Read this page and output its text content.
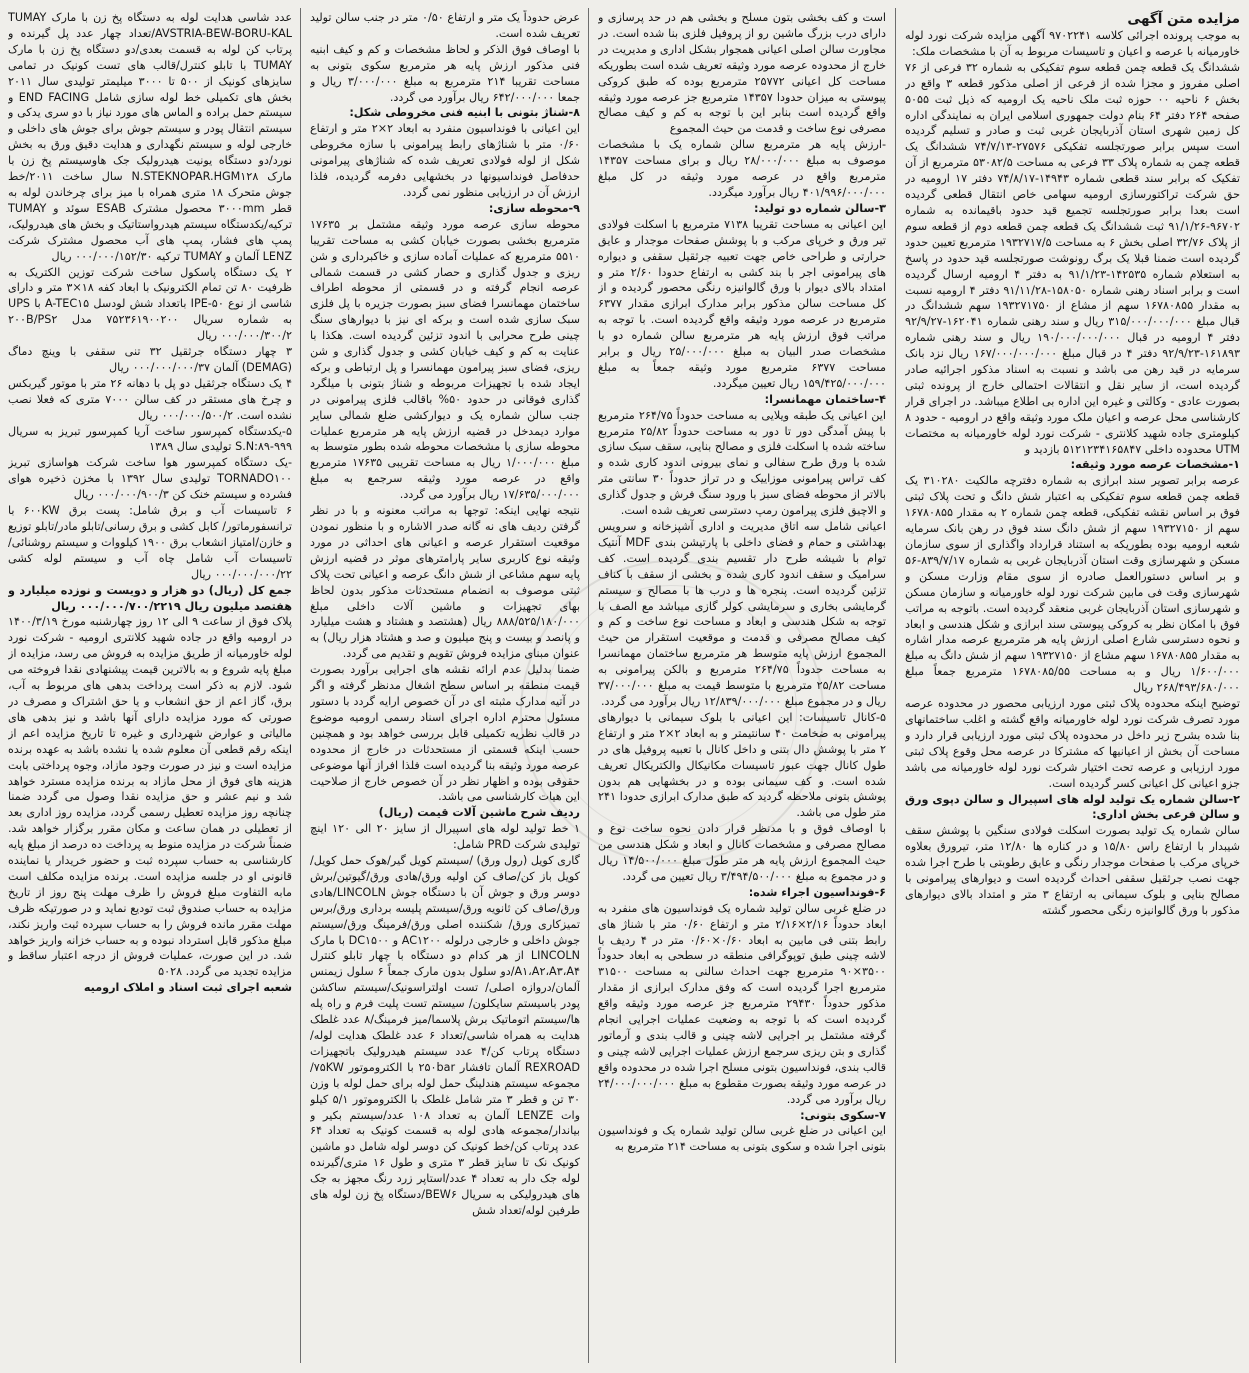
مزایده متن آگهی

به موجب پرونده اجرائی کلاسه ۹۷۰۲۲۴۱ آگهی مزایده شرکت نورد لوله خاورمیانه با عرصه و اعیان و تاسیسات مربوط به آن با مشخصات ملک:

ششدانگ یک قطعه چمن قطعه سوم تفکیکی به شماره ۳۲ فرعی از ۷۶ اصلی مفروز و مجزا شده از فرعی از اصلی مذکور قطعه ۳ واقع در بخش ۶ ناحیه ۰۰ حوزه ثبت ملک ناحیه یک ارومیه که ذیل ثبت ۵۰۵۵ صفحه ۲۶۴ دفتر ۶۴ بنام دولت جمهوری اسلامی ایران به نمایندگی اداره کل زمین شهری استان آذربایجان غربی ثبت و صادر و تسلیم گردیده است سپس برابر صورتجلسه تفکیکی ۲۷۵۷۶-۷۴/۷/۱۳ ششدانگ یک قطعه چمن به شماره پلاک ۳۳ فرعی به مساحت ۵۳۰۸۲/۵ مترمربع از آن تفکیک که برابر سند قطعی شماره ۱۴۹۴۳-۷۴/۸/۱۷ دفتر ۱۷ ارومیه در حق شرکت تراکتورسازی ارومیه سهامی خاص انتقال قطعی گردیده است بعدا برابر صورتجلسه تجمیع قید حدود باقیمانده به شماره ۹۶۷۰۲-۹۱/۱/۲۶ ثبت ششدانگ یک قطعه چمن قطعه دوم از قطعه سوم از پلاک ۳۲/۷۶ اصلی بخش ۶ به مساحت ۱۹۳۲۷۱۷/۵ مترمربع تعیین حدود گردیده است ضمنا قبلا یک برگ رونوشت صورتجلسه قید حدود در پاسخ به استعلام شماره ۱۴۲۵۳۵-۹۱/۱/۲۳ به دفتر ۴ ارومیه ارسال گردیده است و برابر اسناد رهنی شماره ۱۵۸۰۵۰-۹۱/۱۱/۲۸ دفتر ۴ ارومیه نسبت به مقدار ۱۶۷۸۰۸۵۵ سهم از مشاع از ۱۹۳۲۷۱۷۵۰ سهم ششدانگ در قبال مبلغ ۳۱۵/۰۰۰/۰۰۰/۰۰۰ ریال و سند رهنی شماره ۱۶۲۰۴۱-۹۲/۹/۲۷ دفتر ۴ ارومیه در قبال ۱۹۰/۰۰۰/۰۰۰/۰۰۰ ریال و سند رهنی شماره ۱۶۱۸۹۳-۹۲/۹/۲۳ دفتر ۴ در قبال مبلغ ۱۶۷/۰۰۰/۰۰۰/۰۰۰ ریال نزد بانک سرمایه در قید رهن می باشد و نسبت به اسناد مذکور اجرائیه صادر گردیده است، از سایر نقل و انتقالات احتمالی خارج از پرونده ثبتی بصورت عادی - وکالتی و غیره این اداره بی اطلاع میباشد. در اجرای قرار کارشناسی محل عرصه و اعیان ملک مورد وثیقه واقع در ارومیه - حدود ۸ کیلومتری جاده شهید کلانتری - شرکت نورد لوله خاورمیانه به مختصات UTM محدوده داخلی ۵۱۲۱۲۳۴۱۶۵۸۴۷ بازدید و

۱-مشخصات عرصه مورد وثیقه:

عرصه برابر تصویر سند ابرازی به شماره دفترچه مالکیت ۳۱۰۲۸۰ یک قطعه چمن قطعه سوم تفکیکی به اعتبار شش دانگ و تحت پلاک ثبتی فوق بر اساس نقشه تفکیکی، قطعه چمن شماره ۲ به مقدار ۱۶۷۸۰۸۵۵ سهم از ۱۹۳۲۷۱۵۰ سهم از شش دانگ سند فوق در رهن بانک سرمایه شعبه ارومیه بوده بطوریکه به استناد قرارداد واگذاری از سوی سازمان مسکن و شهرسازی وقت استان آذربایجان غربی به شماره ۸۳۹/۷/۱۷-۵۶ و بر اساس دستورالعمل صادره از سوی مقام وزارت مسکن و شهرسازی وقت فی مابین شرکت نورد لوله خاورمیانه و سازمان مسکن و شهرسازی استان آذربایجان غربی منعقد گردیده است. باتوجه به مراتب فوق با امکان نظر به کروکی پیوستی سند ابرازی و شکل هندسی و ابعاد و نحوه دسترسی شارع اصلی ارزش پایه هر مترمربع عرصه مدار اشاره به مقدار ۱۶۷۸۰۸۵۵ سهم مشاع از ۱۹۳۲۷۱۵۰ سهم از شش دانگ به مبلغ ۱/۶۰۰/۰۰۰ ریال و به مساحت ۱۶۷۸۰۸۵/۵۵ مترمربع جمعاً مبلغ ۲۶۸/۴۹۳/۶۸۰/۰۰۰ ریال

توضیح اینکه محدوده پلاک ثبتی مورد ارزیابی محصور در محدوده عرصه مورد تصرف شرکت نورد لوله خاورمیانه واقع گشته و اغلب ساختمانهای بنا شده بشرح زیر داخل در محدوده پلاک ثبتی مورد ارزیابی قرار دارد و مساحت آن بخش از اعیانیها که مشترکا در عرصه محل وقوع پلاک ثبتی مورد ارزیابی و عرصه تحت اختیار شرکت نورد لوله خاورمیانه می باشد جزو اعیانی کل اعیانی کسر گردیده است.

۲-سالن شماره یک تولید لوله های اسپیرال و سالن دپوی ورق و سالن فرعی بخش اداری:

سالن شماره یک تولید بصورت اسکلت فولادی سنگین با پوشش سقف شیبدار با ارتفاع راس ۱۵/۸۰ و در کناره ها ۱۲/۸۰ متر، تیرورق بعلاوه خرپای مرکب با صفحات موجدار رنگی و عایق رطوبتی با طرح اجرا شده جهت نصب جرثقیل سقفی احداث گردیده است و دیوارهای پیرامونی با مصالح بنایی و بلوک سیمانی به ارتفاع ۳ متر و امتداد بالای دیوارهای مذکور با ورق گالوانیزه رنگی محصور گشته

است و کف بخشی بتون مسلح و بخشی هم در حد پرسازی و دارای درب بزرگ ماشین رو از پروفیل فلزی بنا شده است. در مجاورت سالن اصلی اعیانی همجوار بشکل اداری و مدیریت در خارج از محدوده عرصه مورد وثیقه تعریف شده است بطوریکه مساحت کل اعیانی ۲۵۷۷۲ مترمربع بوده که طبق کروکی پیوستی به میزان حدودا ۱۴۳۵۷ مترمربع جز عرصه مورد وثیقه واقع گردیده است بنابر این با توجه به کم و کیف مصالح مصرفی نوع ساخت و قدمت من حیث المجموع

-ارزش پایه هر مترمربع سالن شماره یک با مشخصات موصوف به مبلغ ۲۸/۰۰۰/۰۰۰ ریال و برای مساحت ۱۴۳۵۷ مترمربع واقع در عرصه مورد وثیقه در کل مبلغ ۴۰۱/۹۹۶/۰۰۰/۰۰۰ ریال برآورد میگردد.

۳-سالن شماره دو تولید:

این اعیانی به مساحت تقریبا ۷۱۳۸ مترمربع با اسکلت فولادی تیر ورق و خرپای مرکب و با پوشش صفحات موجدار و عایق حرارتی و طراحی خاص جهت تعبیه جرثقیل سقفی و دیواره های پیرامونی اجر با بند کشی به ارتفاع حدودا ۲/۶۰ متر و امتداد بالای دیوار با ورق گالوانیزه رنگی محصور گردیده و از کل مساحت سالن مذکور برابر مدارک ابرازی مقدار ۶۳۷۷ مترمربع در عرصه مورد وثیقه واقع گردیده است. با توجه به مراتب فوق ارزش پایه هر مترمربع سالن شماره دو با مشخصات صدر البیان به مبلغ ۲۵/۰۰۰/۰۰۰ ریال و برابر مساحت ۶۳۷۷ مترمربع مورد وثیقه جمعاً به مبلغ ۱۵۹/۴۲۵/۰۰۰/۰۰۰ ریال تعیین میگردد.

۴-ساختمان مهمانسرا:

این اعیانی یک طبقه ویلایی به مساحت حدوداً ۲۶۴/۷۵ مترمربع با پیش آمدگی دور تا دور به مساحت حدوداً ۲۵/۸۲ مترمربع ساخته شده با اسکلت فلزی و مصالح بنایی، سقف سبک سازی شده با ورق طرح سفالی و نمای بیرونی اندود کاری شده و کف تراس پیرامونی موزاییک و در تراز حدوداً ۳۰ سانتی متر بالاتر از محوطه فضای سبز با ورود سنگ فرش و جدول گذاری و الاچیق فلزی پیرامون رمپ دسترسی تعریف شده است.

اعیانی شامل سه اتاق مدیریت و اداری آشپزخانه و سرویس بهداشتی و حمام و فضای داخلی با پارتیشن بندی MDF آنتیک توام با شیشه طرح دار تقسیم بندی گردیده است. کف سرامیک و سقف اندود کاری شده و بخشی از سقف با کناف تزئین گردیده است. پنجره ها و درب ها با مصالح و سیستم گرمایشی بخاری و سرمایشی کولر گازی میباشد مع الصف با توجه به شکل هندسی و ابعاد و مساحت نوع ساخت و کم و کیف مصالح مصرفی و قدمت و موقعیت استقرار من حیث المجموع ارزش پایه متوسط هر مترمربع ساختمان مهمانسرا به مساحت حدوداً ۲۶۴/۷۵ مترمربع و بالکن پیرامونی به مساحت ۲۵/۸۲ مترمربع با متوسط قیمت به مبلغ ۳۷/۰۰۰/۰۰۰ ریال و در مجموع مبلغ ۱۲/۸۳۹/۰۰۰/۰۰۰ ریال برآورد می گردد.

۵-کانال تاسیسات: این اعیانی با بلوک سیمانی با دیوارهای پیرامونی به ضخامت ۴۰ سانتیمتر و به ابعاد ۲×۲ متر و ارتفاع ۲ متر با پوشش دال بتنی و داخل کانال با تعبیه پروفیل های در طول کانال جهت عبور تاسیسات مکانیکال والکتریکال تعریف شده است. و کف سیمانی بوده و در بخشهایی هم بدون پوشش بتونی ملاحظه گردید که طبق مدارک ابرازی حدودا ۲۴۱ متر طول می باشد.

با اوصاف فوق و با مدنظر قرار دادن نحوه ساخت نوع و مصالح مصرفی و مشخصات کانال و ابعاد و شکل هندسی من حیث المجموع ارزش پایه هر متر طول مبلغ ۱۴/۵۰۰/۰۰۰ ریال و در مجموع به مبلغ ۳/۴۹۴/۵۰۰/۰۰۰ ریال تعیین می گردد.

۶-فونداسیون اجراء شده:

در ضلع غربی سالن تولید شماره یک فونداسیون های منفرد به ابعاد حدوداً ۲/۱۶×۲/۱۶ متر و ارتفاع ۰/۶۰ متر با شناژ های رابط بتنی فی مابین به ابعاد ۰/۶۰×۰/۶۰ متر در ۴ ردیف با لاشه چینی طبق توپوگرافی منطقه در سطحی به ابعاد حدوداً ۳۵۰۰×۹۰ مترمربع جهت احداث سالنی به مساحت ۳۱۵۰۰ مترمربع اجرا گردیده است که وفق مدارک ابرازی از مقدار مذکور حدوداً ۲۹۴۳۰ مترمربع جز عرصه مورد وثیقه واقع گردیده است که با توجه به وضعیت عملیات اجرایی انجام گرفته مشتمل بر اجرایی لاشه چینی و قالب بندی و آرماتور گذاری و بتن ریزی سرجمع ارزش عملیات اجرایی لاشه چینی و قالب بندی، فونداسیون بتونی مسلح اجرا شده در محدوده واقع در عرصه مورد وثیقه بصورت مقطوع به مبلغ ۲۴/۰۰۰/۰۰۰/۰۰۰ ریال برآورد می گردد.

۷-سکوی بتونی:

این اعیانی در ضلع غربی سالن تولید شماره یک و فونداسیون بتونی اجرا شده و سکوی بتونی به مساحت ۲۱۴ مترمربع به

عرض حدوداً یک متر و ارتفاع ۰/۵۰ متر در جنب سالن تولید تعریف شده است.

با اوصاف فوق الذکر و لحاظ مشخصات و کم و کیف ابنیه فنی مذکور ارزش پایه هر مترمربع سکوی بتونی به مساحت تقریبا ۲۱۴ مترمربع به مبلغ ۳/۰۰۰/۰۰۰ ریال و جمعا ۶۴۲/۰۰۰/۰۰۰ ریال برآورد می گردد.

۸-شناژ بتونی با ابنیه فنی مخروطی شکل:

این اعیانی با فونداسیون منفرد به ابعاد ۲×۲ متر و ارتفاع ۰/۶۰ متر با شناژهای رابط پیرامونی با سازه مخروطی شکل از لوله فولادی تعریف شده که شناژهای پیرامونی حدفاصل فونداسیونها در بخشهایی دفرمه گردیده، فلذا ارزش آن در ارزیابی منظور نمی گردد.

۹-محوطه سازی:

محوطه سازی عرصه مورد وثیقه مشتمل بر ۱۷۶۳۵ مترمربع بخشی بصورت خیابان کشی به مساحت تقریبا ۵۵۱۰ مترمربع که عملیات آماده سازی و خاکبرداری و شن ریزی و جدول گذاری و حصار کشی در قسمت شمالی عرصه انجام گرفته و در قسمتی از محوطه اطراف ساختمان مهمانسرا فضای سبز بصورت جزیره با پل فلزی سبک سازی شده است و برکه ای نیز با دیوارهای سنگ چینی طرح محرابی با اندود تزئین گردیده است. هکذا با عنایت به کم و کیف خیابان کشی و جدول گذاری و شن ریزی، فضای سبز پیرامون مهمانسرا و پل ارتباطی و برکه ایجاد شده با تجهیزات مربوطه و شناژ بتونی با میلگرد گذاری فوقانی در حدود ۵۰% باقالب فلزی پیرامونی در جنب سالن شماره یک و دیوارکشی ضلع شمالی سایر موارد دیمدخل در قضیه ارزش پایه هر مترمربع عملیات محوطه سازی با مشخصات محوطه شده بطور متوسط به مبلغ ۱/۰۰۰/۰۰۰ ریال به مساحت تقریبی ۱۷۶۳۵ مترمربع واقع در عرصه مورد وثیقه سرجمع به مبلغ ۱۷/۶۳۵/۰۰۰/۰۰۰ ریال برآورد می گردد.

نتیجه نهایی اینکه: توجها به مراتب معنونه و با در نظر گرفتن ردیف های نه گانه صدر الاشاره و با منظور نمودن موقعیت استقرار عرصه و اعیانی های احداثی در مورد وثیقه نوع کاربری سایر پارامترهای موثر در قضیه ارزش پایه سهم مشاعی از شش دانگ عرصه و اعیانی تحت پلاک ثبتی موصوف به انضمام مستحدثات مذکور بدون لحاظ بهای تجهیزات و ماشین آلات داخلی مبلغ ۸۸۸/۵۲۵/۱۸۰/۰۰۰ ریال (هشتصد و هشتاد و هشت میلیارد و پانصد و بیست و پنج میلیون و صد و هشتاد هزار ریال) به عنوان مبنای مزایده فروش تقویم و تقدیم می گردد.

ضمنا بدلیل عدم ارائه نقشه های اجرایی برآورد بصورت قیمت منطقه بر اساس سطح اشغال مدنظر گرفته و اگر در آتیه مدارک مثبته ای در آن خصوص ارایه گردد با دستور مسئول محترم اداره اجرای اسناد رسمی ارومیه موضوع در قالب نظریه تکمیلی قابل بررسی خواهد بود و همچنین حسب اینکه قسمتی از مستحدثات در خارج از محدوده عرصه مورد وثیقه بنا گردیده است فلذا افراز آنها موضوعی حقوقی بوده و اظهار نظر در آن خصوص خارج از صلاحیت این هیات کارشناسی می باشد.

ردیف شرح ماشین آلات قیمت (ریال)

۱ خط تولید لوله های اسپیرال از سایز ۲۰ الی ۱۲۰ اینچ تولیدی شرکت PRD شامل:

گاری کویل (رول ورق) /سیستم کویل گیر/هوک حمل کویل/ کویل باز کن/صاف کن اولیه ورق/هادی ورق/گیوتین/برش دوسر ورق و جوش آن با دستگاه جوش LINCOLN/هادی ورق/صاف کن ثانویه ورق/سیستم پلیسه برداری ورق/برس تمیزکاری ورق/ شکننده اصلی ورق/فرمینگ ورق/سیستم جوش داخلی و خارجی درلوله AC۱۲۰۰ و DC۱۵۰۰ با مارک LINCOLN از هر کدام دو دستگاه با چهار تابلو کنترل A۱،A۲،A۳،A۴/دو سلول بدون مارک جمعاً ۶ سلول زیمنس آلمان/دروازه اصلی/ تست اولتراسونیک/سیستم ساکشن پودر باسیستم سایکلون/ سیستم تست پلیت فرم و راه پله ها/سیستم اتوماتیک برش پلاسما/میز فرمینگ/۸ عدد غلطک هدایت به همراه شاسی/تعداد ۶ عدد غلطک هدایت لوله/دستگاه پرتاب کن/۴ عدد سیستم هیدرولیک باتجهیزات REXROAD آلمان تافشار ۲۵۰bar با الکتروموتور ۷۵KW/مجموعه سیستم هندلینگ حمل لوله برای حمل لوله با وزن ۳۰ تن و قطر ۳ متر شامل غلطک با الکتروموتور ۵/۱ کیلو وات LENZE آلمان به تعداد ۱۰۸ عدد/سیستم بکیر و بیاندار/مجموعه هادی لوله به قسمت کونیک به تعداد ۶۴ عدد پرتاب کن/خط کونیک کن دوسر لوله شامل دو ماشین کونیک نک تا سایز قطر ۳ متری و طول ۱۶ متری/گیرنده لوله جک دار به تعداد ۴ عدد/استاپر زرد رنگ مجهز به جک های هیدرولیکی به سریال BEW۶/دستگاه پخ زن لوله های طرفین لوله/تعداد شش

عدد شاسی هدایت لوله به دستگاه پخ زن با مارک TUMAY AVSTRIA-BEW-BORU-KAL/تعداد چهار عدد پل گیرنده و پرتاب کن لوله به قسمت بعدی/دو دستگاه پخ زن با مارک TUMAY با تابلو کنترل/قالب های تست کونیک در تمامی سایزهای کونیک از ۵۰۰ تا ۳۰۰۰ میلیمتر تولیدی سال ۲۰۱۱ بخش های تکمیلی خط لوله سازی شامل END FACING و سیستم حمل براده و الماس های مورد نیاز با دو سری یدکی و سیستم انتقال پودر و سیستم جوش برای جوش های داخلی و خارجی لوله و سیستم نگهداری و هدایت دقیق ورق به بخش نورد/دو دستگاه یونیت هیدرولیک جک هاوسیستم پخ زن با مارک N.STEKNOPAR.HGM۱۲۸ سال ساخت ۲۰۱۱/خط جوش متحرک ۱۸ متری همراه با میز برای چرخاندن لوله به قطر ۳۰۰۰mm محصول مشترک ESAB سوئد و TUMAY ترکیه/یکدستگاه سیستم هیدرواستاتیک و بخش های هیدرولیک، پمپ های فشار، پمپ های آب محصول مشترک شرکت LENZ آلمان و TUMAY ترکیه ۰۰۰/۰۰۰/۱۵۲/۳۰ ریال

۲ یک دستگاه پاسکول ساخت شرکت توزین الکتریک به ظرفیت ۸۰ تن تمام الکترونیک با ابعاد کفه ۱۸×۳ متر و دارای شاسی از نوع IPE-۵۰ باتعداد شش لودسل A-TEC۱۵ با UPS به شماره سریال ۷۵۲۳۶۱۹۰۰۲۰۰ مدل ۲۰۰B/PS۲ ۰۰۰/۰۰۰/۳۰۰/۲ ریال

۳ چهار دستگاه جرثقیل ۳۲ تنی سقفی با وینچ دماگ (DEMAG) آلمان ۰۰۰/۰۰۰/۰۰۰/۳۷ ریال

۴ یک دستگاه جرثقیل دو پل با دهانه ۲۶ متر با موتور گیربکس و چرخ های مستقر در کف سالن ۷۰۰۰ متری که فعلا نصب نشده است. ۰۰۰/۰۰۰/۵۰۰/۲ ریال

۵-یکدستگاه کمپرسور ساخت آریا کمپرسور تبریز به سریال S.N:۸۹-۹۹۹ تولیدی سال ۱۳۸۹

-یک دستگاه کمپرسور هوا ساخت شرکت هواسازی تبریز TORNADO۱۰۰ تولیدی سال ۱۳۹۲ با مخزن ذخیره هوای فشرده و سیستم خنک کن ۰۰۰/۰۰۰/۹۰۰/۳ ریال

۶ تاسیسات آب و برق شامل: پست برق ۶۰۰KW با ترانسفورماتور/ کابل کشی و برق رسانی/تابلو مادر/تابلو توزیع و خازن/امتیاز انشعاب برق ۱۹۰۰ کیلووات و سیستم روشنائی/تاسیسات آب شامل چاه آب و سیستم لوله کشی ۰۰۰/۰۰۰/۰۰۰/۲۲ ریال

جمع کل (ریال) دو هزار و دویست و نوزده میلیارد و هفتصد میلیون ریال ۰۰۰/۰۰۰/۷۰۰/۲۲۱۹ ریال

پلاک فوق از ساعت ۹ الی ۱۲ روز چهارشنبه مورخ ۱۴۰۰/۳/۱۹ در ارومیه واقع در جاده شهید کلانتری ارومیه - شرکت نورد لوله خاورمیانه از طریق مزایده به فروش می رسد، مزایده از مبلغ پایه شروع و به بالاترین قیمت پیشنهادی نقدا فروخته می شود. لازم به ذکر است پرداخت بدهی های مربوط به آب، برق، گاز اعم از حق انشعاب و یا حق اشتراک و مصرف در صورتی که مورد مزایده دارای آنها باشد و نیز بدهی های مالیاتی و عوارض شهرداری و غیره تا تاریخ مزایده اعم از اینکه رقم قطعی آن معلوم شده یا نشده باشد به عهده برنده مزایده است و نیز در صورت وجود مازاد، وجوه پرداختی بابت هزینه های فوق از محل مازاد به برنده مزایده مسترد خواهد شد و نیم عشر و حق مزایده نقدا وصول می گردد ضمنا چنانچه روز مزایده تعطیل رسمی گردد، مزایده روز اداری بعد از تعطیلی در همان ساعت و مکان مقرر برگزار خواهد شد. ضمناً شرکت در مزایده منوط به پرداخت ده درصد از مبلغ پایه کارشناسی به حساب سپرده ثبت و حضور خریدار یا نماینده قانونی او در جلسه مزایده است. برنده مزایده مکلف است مابه التفاوت مبلغ فروش را ظرف مهلت پنج روز از تاریخ مزایده به حساب صندوق ثبت تودیع نماید و در صورتیکه ظرف مهلت مقرر مانده فروش را به حساب سپرده ثبت واریز نکند، مبلغ مذکور قابل استرداد نبوده و به حساب خزانه واریز خواهد شد. در این صورت، عملیات فروش از درجه اعتبار ساقط و مزایده تجدید می گردد. ۵۰۲۸

شعبه اجرای ثبت اسناد و املاک ارومیه
